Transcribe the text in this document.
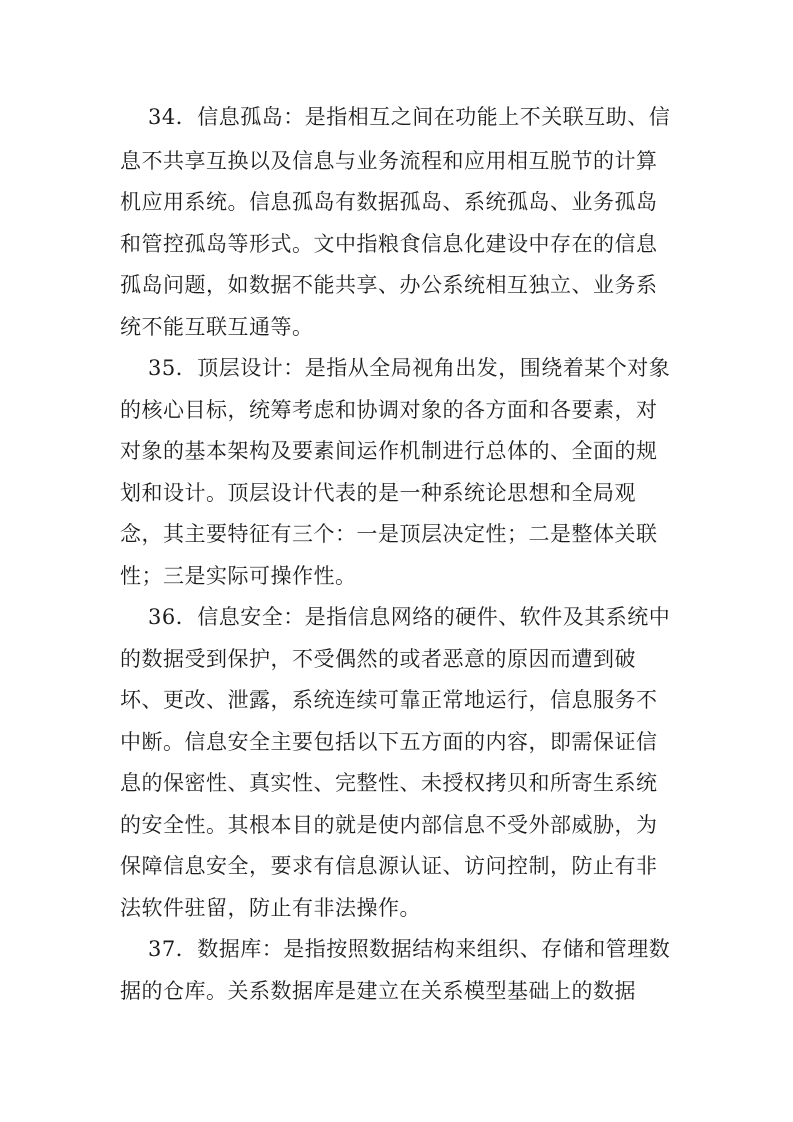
34．信息孤岛：是指相互之间在功能上不关联互助、信
息不共享互换以及信息与业务流程和应用相互脱节的计算
机应用系统。信息孤岛有数据孤岛、系统孤岛、业务孤岛
和管控孤岛等形式。文中指粮食信息化建设中存在的信息
孤岛问题，如数据不能共享、办公系统相互独立、业务系
统不能互联互通等。
35．顶层设计：是指从全局视角出发，围绕着某个对象
的核心目标，统筹考虑和协调对象的各方面和各要素，对
对象的基本架构及要素间运作机制进行总体的、全面的规
划和设计。顶层设计代表的是一种系统论思想和全局观
念，其主要特征有三个：一是顶层决定性；二是整体关联
性；三是实际可操作性。
36．信息安全：是指信息网络的硬件、软件及其系统中
的数据受到保护，不受偶然的或者恶意的原因而遭到破
坏、更改、泄露，系统连续可靠正常地运行，信息服务不
中断。信息安全主要包括以下五方面的内容，即需保证信
息的保密性、真实性、完整性、未授权拷贝和所寄生系统
的安全性。其根本目的就是使内部信息不受外部威胁，为
保障信息安全，要求有信息源认证、访问控制，防止有非
法软件驻留，防止有非法操作。
37．数据库：是指按照数据结构来组织、存储和管理数
据的仓库。关系数据库是建立在关系模型基础上的数据
